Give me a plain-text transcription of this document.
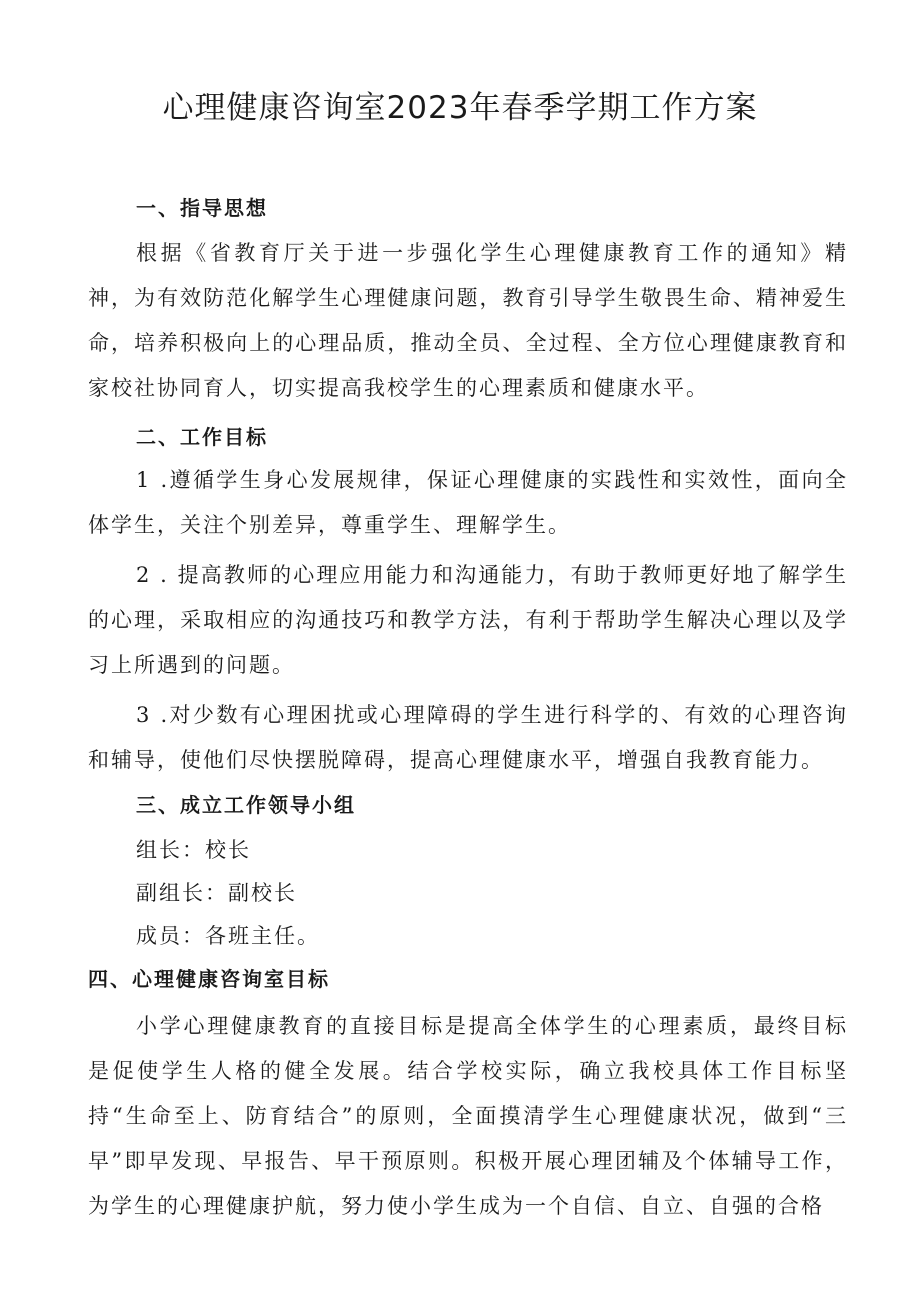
心理健康咨询室2023年春季学期工作方案

一、指导思想

根据《省教育厅关于进一步强化学生心理健康教育工作的通知》精神，为有效防范化解学生心理健康问题，教育引导学生敬畏生命、精神爱生命，培养积极向上的心理品质，推动全员、全过程、全方位心理健康教育和家校社协同育人，切实提高我校学生的心理素质和健康水平。

二、工作目标

1 .遵循学生身心发展规律，保证心理健康的实践性和实效性，面向全体学生，关注个别差异，尊重学生、理解学生。

2 . 提高教师的心理应用能力和沟通能力，有助于教师更好地了解学生的心理，采取相应的沟通技巧和教学方法，有利于帮助学生解决心理以及学习上所遇到的问题。

3 .对少数有心理困扰或心理障碍的学生进行科学的、有效的心理咨询和辅导，使他们尽快摆脱障碍，提高心理健康水平，增强自我教育能力。

三、成立工作领导小组

组长：校长

副组长：副校长

成员：各班主任。

四、心理健康咨询室目标

小学心理健康教育的直接目标是提高全体学生的心理素质，最终目标是促使学生人格的健全发展。结合学校实际，确立我校具体工作目标坚持“生命至上、防育结合”的原则，全面摸清学生心理健康状况，做到“三早”即早发现、早报告、早干预原则。积极开展心理团辅及个体辅导工作，为学生的心理健康护航，努力使小学生成为一个自信、自立、自强的合格
